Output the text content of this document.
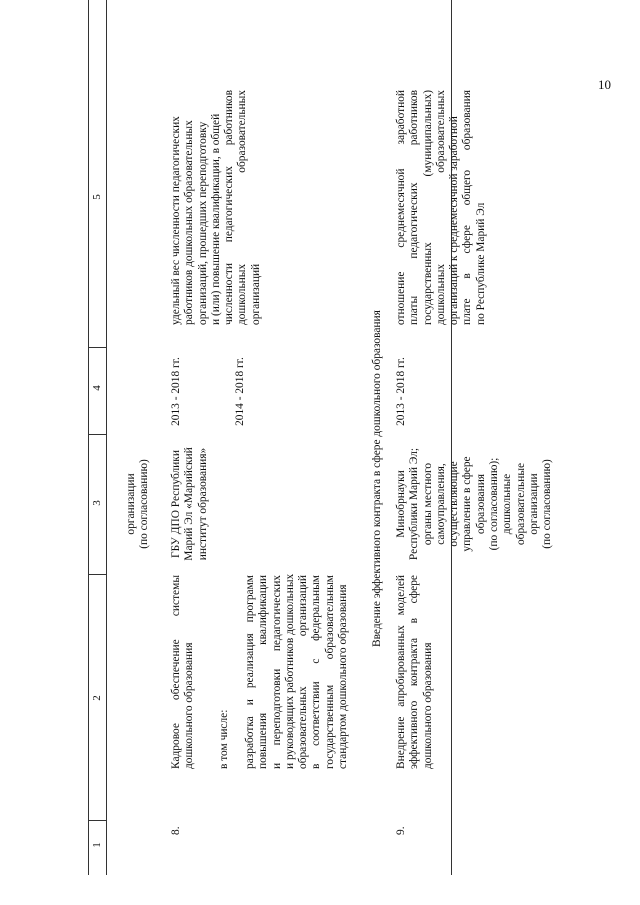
10
1
2
3
4
5
организации (по согласованию)
8.
Кадровое
обеспечение
системы
дошкольного образования в том числе: разработка
и
реализация
программ
повышения
квалификации
и
переподготовки
педагогических и руководящих работников дошкольных образовательных
организаций
в
соответствии
с
федеральным
государственным
образовательным стандартом дошкольного образования
ГБУ ДПО Республики Марий Эл «Марийский институт образования»
2013 - 2018 гг.	2014 - 2018 гг.
удельный вес численности педагогических работников дошкольных образовательных организаций, прошедших переподготовку и (или) повышение квалификации, в общей численности
педагогических
работников
дошкольных
образовательных
организаций
Введение эффективного контракта в сфере дошкольного образования
9.
Внедрение
апробированных
моделей
эффективного
контракта
в
сфере
дошкольного образования
Минобрнауки Республики Марий Эл; органы местного самоуправления, осуществляющие управление в сфере образования (по согласованию); дошкольные образовательные организации (по согласованию)
2013 - 2018 гг.
отношение
среднемесячной
заработной
платы
педагогических
работников
государственных
(муниципальных)
дошкольных
образовательных организаций к среднемесячной заработной плате
в
сфере
общего
образования
по Республике Марий Эл
